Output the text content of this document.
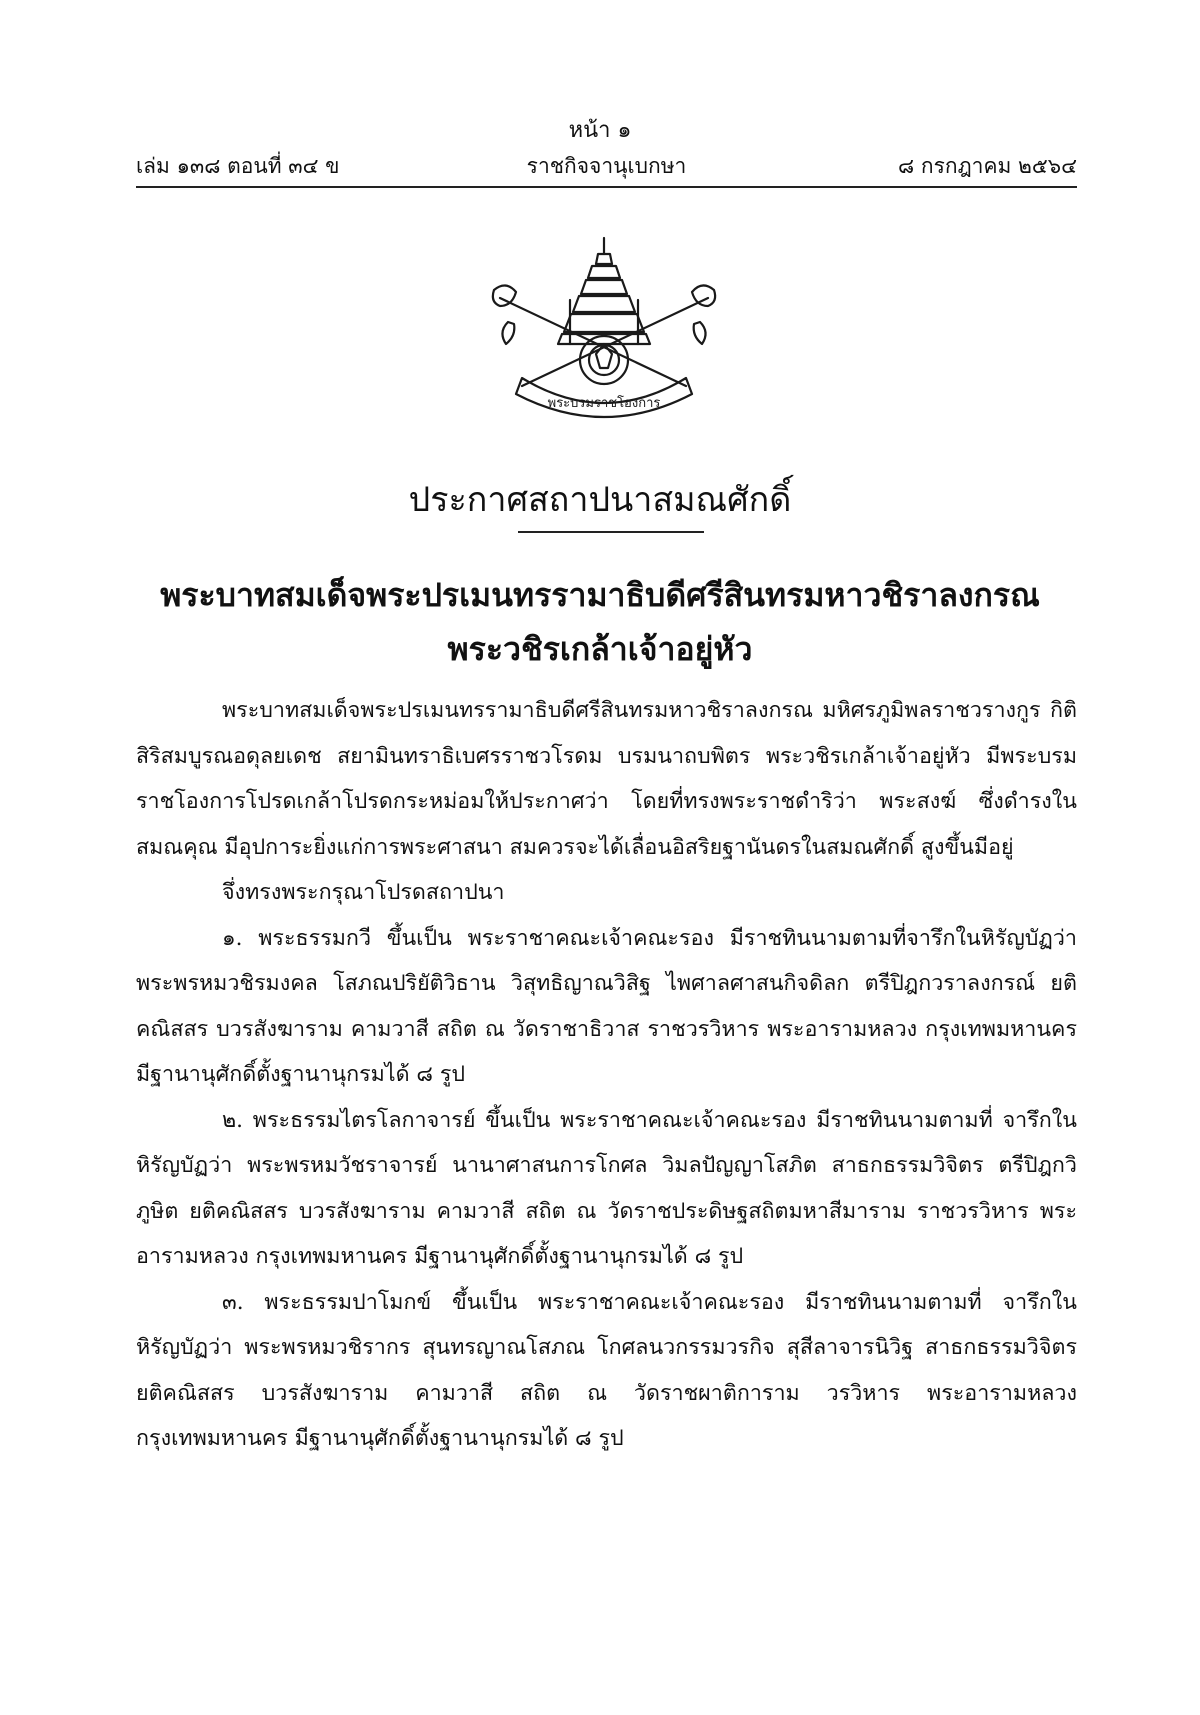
หน้า ๑
เล่ม ๑๓๘ ตอนที่ ๓๔ ข	ราชกิจจานุเบกษา	๘ กรกฎาคม ๒๕๖๔
พระบรมราชโองการ
ประกาศสถาปนาสมณศักดิ์
พระบาทสมเด็จพระปรเมนทรรามาธิบดีศรีสินทรมหาวชิราลงกรณ
พระวชิรเกล้าเจ้าอยู่หัว

พระบาทสมเด็จพระปรเมนทรรามาธิบดีศรีสินทรมหาวชิราลงกรณ มหิศรภูมิพลราชวรางกูร กิติสิริสมบูรณอดุลยเดช สยามินทราธิเบศรราชวโรดม บรมนาถบพิตร พระวชิรเกล้าเจ้าอยู่หัว มีพระบรมราชโองการโปรดเกล้าโปรดกระหม่อมให้ประกาศว่า โดยที่ทรงพระราชดำริว่า พระสงฆ์ ซึ่งดำรงในสมณคุณ มีอุปการะยิ่งแก่การพระศาสนา สมควรจะได้เลื่อนอิสริยฐานันดรในสมณศักดิ์ สูงขึ้นมีอยู่

จึ่งทรงพระกรุณาโปรดสถาปนา

๑. พระธรรมกวี ขึ้นเป็น พระราชาคณะเจ้าคณะรอง มีราชทินนามตามที่จารึกในหิรัญบัฏว่า พระพรหมวชิรมงคล โสภณปริยัติวิธาน วิสุทธิญาณวิสิฐ ไพศาลศาสนกิจดิลก ตรีปิฎกวราลงกรณ์ ยติคณิสสร บวรสังฆาราม คามวาสี สถิต ณ วัดราชาธิวาส ราชวรวิหาร พระอารามหลวง กรุงเทพมหานคร มีฐานานุศักดิ์ตั้งฐานานุกรมได้ ๘ รูป

๒. พระธรรมไตรโลกาจารย์ ขึ้นเป็น พระราชาคณะเจ้าคณะรอง มีราชทินนามตามที่ จารึกในหิรัญบัฏว่า พระพรหมวัชราจารย์ นานาศาสนการโกศล วิมลปัญญาโสภิต สาธกธรรมวิจิตร ตรีปิฎกวิภูษิต ยติคณิสสร บวรสังฆาราม คามวาสี สถิต ณ วัดราชประดิษฐสถิตมหาสีมาราม ราชวรวิหาร พระอารามหลวง กรุงเทพมหานคร มีฐานานุศักดิ์ตั้งฐานานุกรมได้ ๘ รูป

๓. พระธรรมปาโมกข์ ขึ้นเป็น พระราชาคณะเจ้าคณะรอง มีราชทินนามตามที่ จารึกในหิรัญบัฏว่า พระพรหมวชิรากร สุนทรญาณโสภณ โกศลนวกรรมวรกิจ สุสีลาจารนิวิฐ สาธกธรรมวิจิตร ยติคณิสสร บวรสังฆาราม คามวาสี สถิต ณ วัดราชผาติการาม วรวิหาร พระอารามหลวง กรุงเทพมหานคร มีฐานานุศักดิ์ตั้งฐานานุกรมได้ ๘ รูป
